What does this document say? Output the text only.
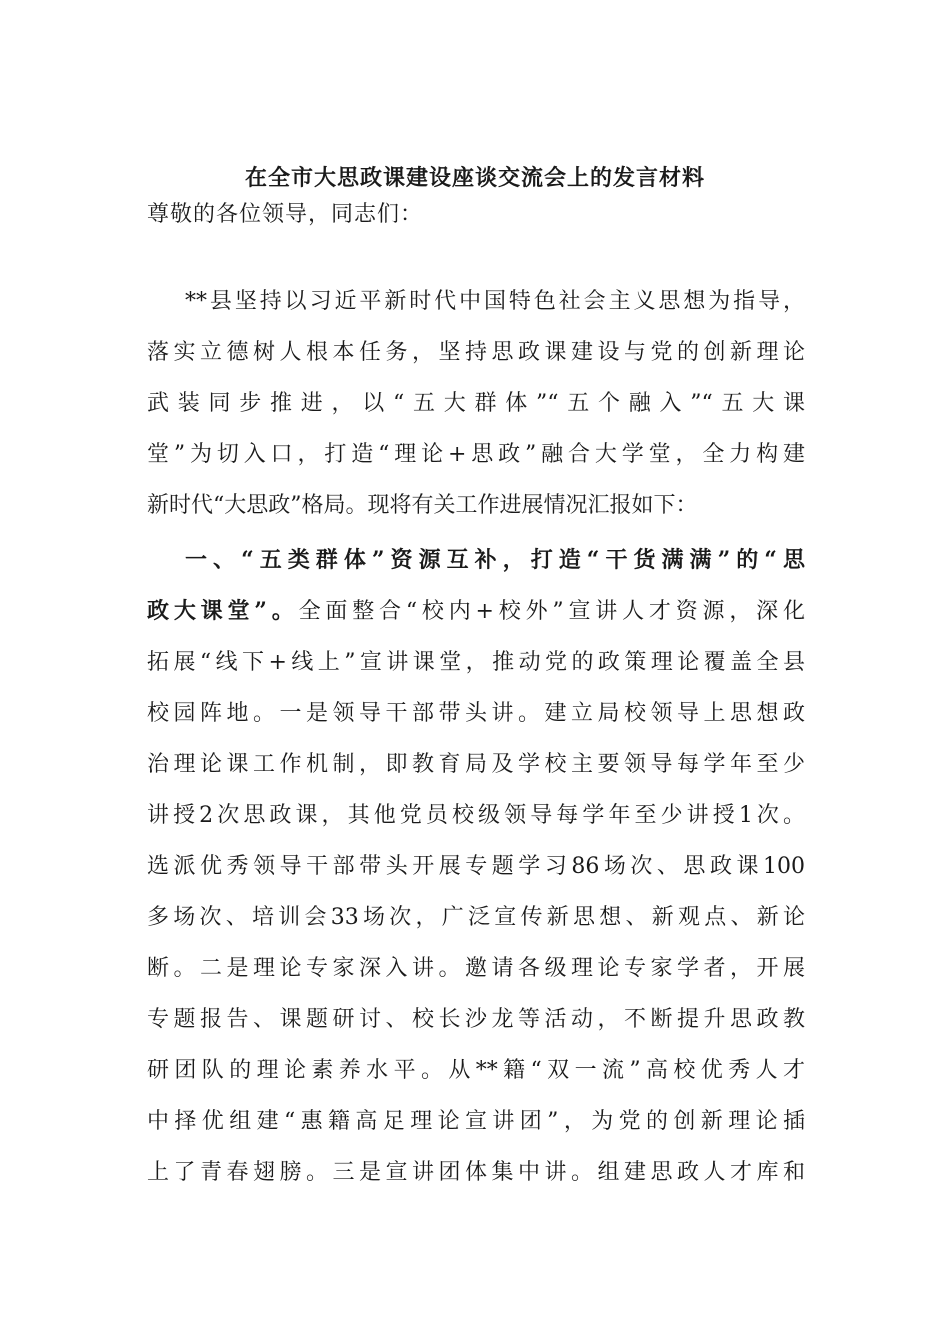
在全市大思政课建设座谈交流会上的发言材料
尊敬的各位领导，同志们：
**县坚持以习近平新时代中国特色社会主义思想为指导，
落实立德树人根本任务，坚持思政课建设与党的创新理论
武装同步推进，以“五大群体”“五个融入”“五大课
堂”为切入口，打造“理论+思政”融合大学堂，全力构建
新时代“大思政”格局。现将有关工作进展情况汇报如下：
一、“五类群体”资源互补，打造“干货满满”的“思
政大课堂”。全面整合“校内+校外”宣讲人才资源，深化
拓展“线下+线上”宣讲课堂，推动党的政策理论覆盖全县
校园阵地。一是领导干部带头讲。建立局校领导上思想政
治理论课工作机制，即教育局及学校主要领导每学年至少
讲授2次思政课，其他党员校级领导每学年至少讲授1次。
选派优秀领导干部带头开展专题学习86场次、思政课100
多场次、培训会33场次，广泛宣传新思想、新观点、新论
断。二是理论专家深入讲。邀请各级理论专家学者，开展
专题报告、课题研讨、校长沙龙等活动，不断提升思政教
研团队的理论素养水平。从**籍“双一流”高校优秀人才
中择优组建“惠籍高足理论宣讲团”，为党的创新理论插
上了青春翅膀。三是宣讲团体集中讲。组建思政人才库和
